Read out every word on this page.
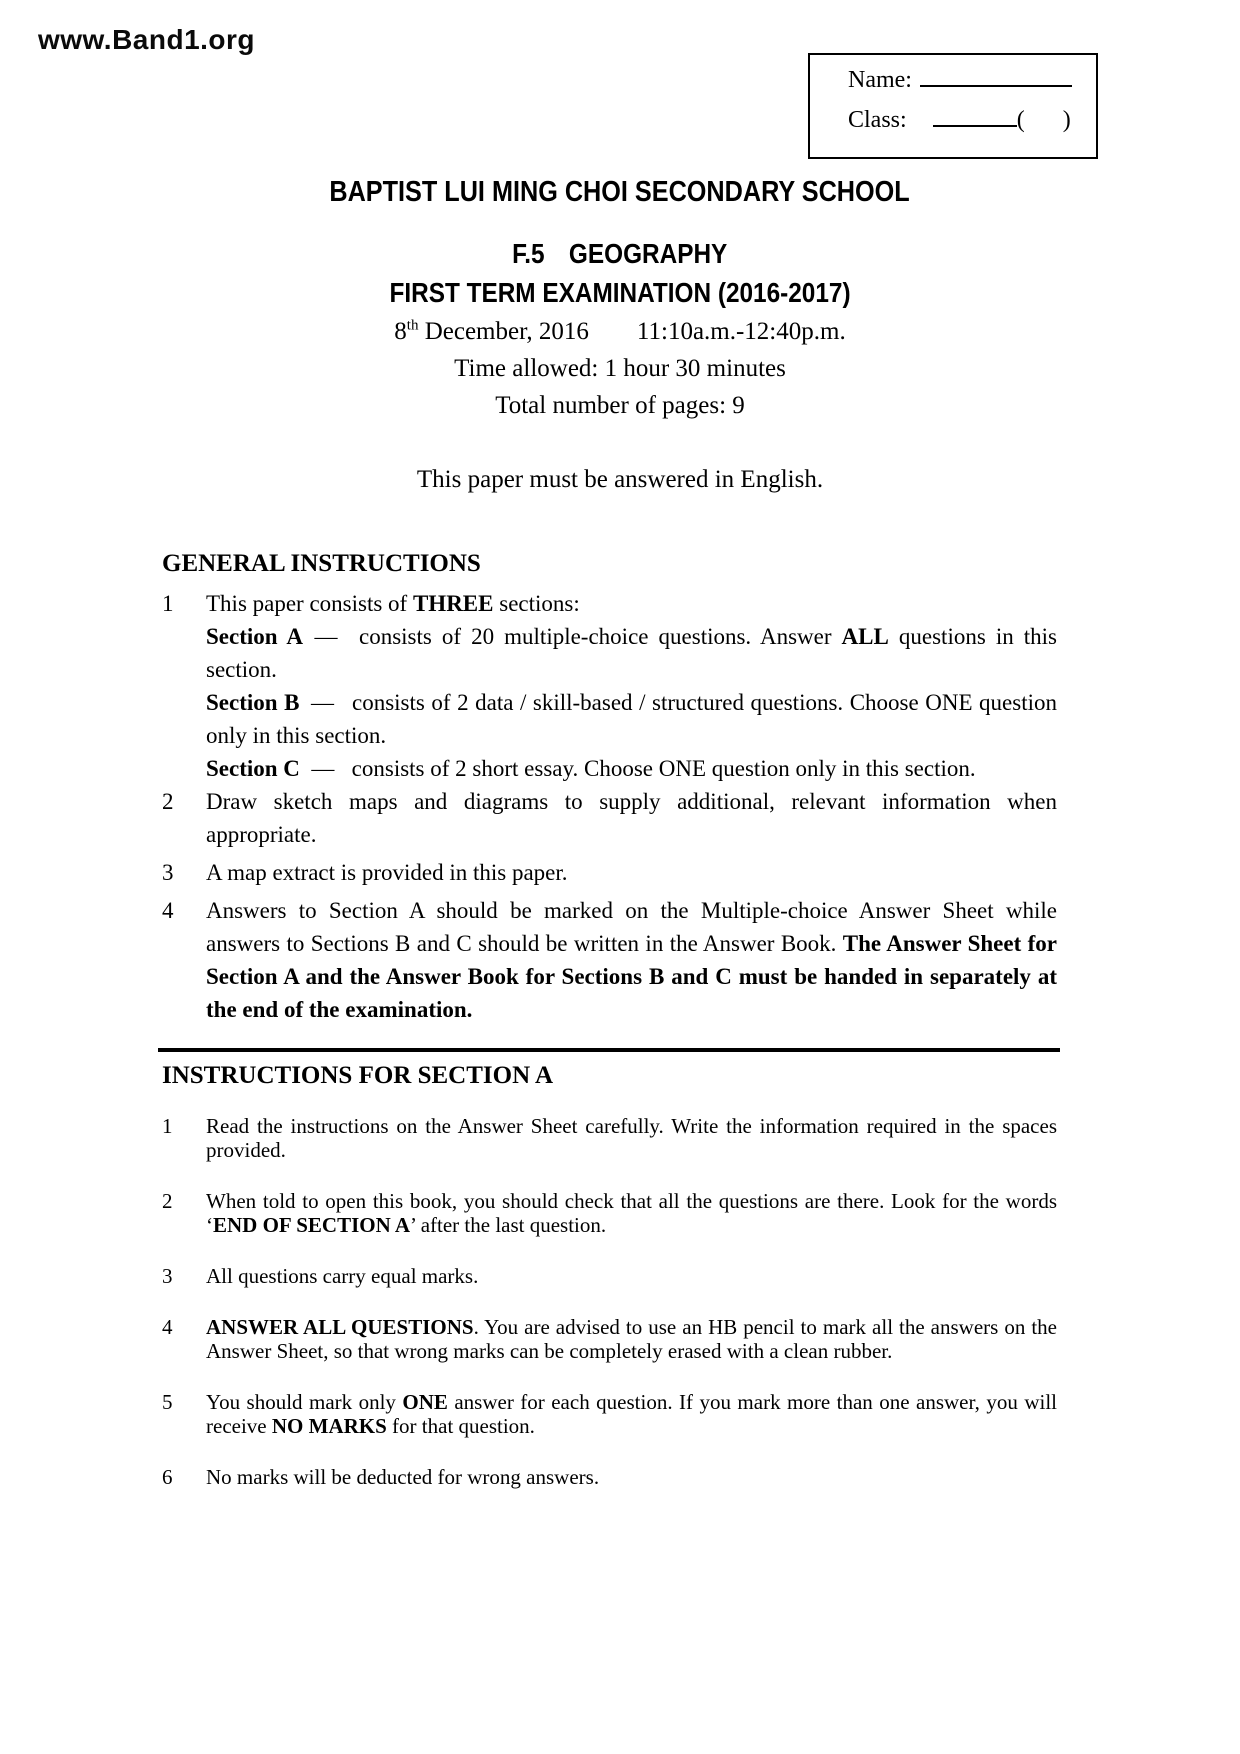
www.Band1.org
Name:
Class:	( )
BAPTIST LUI MING CHOI SECONDARY SCHOOL
F.5  GEOGRAPHY
FIRST TERM EXAMINATION (2016-2017)
8th December, 2016 11:10a.m.-12:40p.m.
Time allowed: 1 hour 30 minutes
Total number of pages: 9
This paper must be answered in English.
GENERAL INSTRUCTIONS
1	This paper consists of THREE sections:

Section A —  consists of 20 multiple-choice questions. Answer ALL questions in this section.

Section B —  consists of 2 data / skill-based / structured questions. Choose ONE question only in this section.

Section C —  consists of 2 short essay. Choose ONE question only in this section.

2	Draw sketch maps and diagrams to supply additional, relevant information when appropriate.

3	A map extract is provided in this paper.

4	Answers to Section A should be marked on the Multiple-choice Answer Sheet while answers to Sections B and C should be written in the Answer Book. The Answer Sheet for Section A and the Answer Book for Sections B and C must be handed in separately at the end of the examination.

INSTRUCTIONS FOR SECTION A
1	Read the instructions on the Answer Sheet carefully. Write the information required in the spaces provided.

2	When told to open this book, you should check that all the questions are there. Look for the words ‘END OF SECTION A’ after the last question.

3	All questions carry equal marks.

4	ANSWER ALL QUESTIONS. You are advised to use an HB pencil to mark all the answers on the Answer Sheet, so that wrong marks can be completely erased with a clean rubber.

5	You should mark only ONE answer for each question. If you mark more than one answer, you will receive NO MARKS for that question.

6	No marks will be deducted for wrong answers.
